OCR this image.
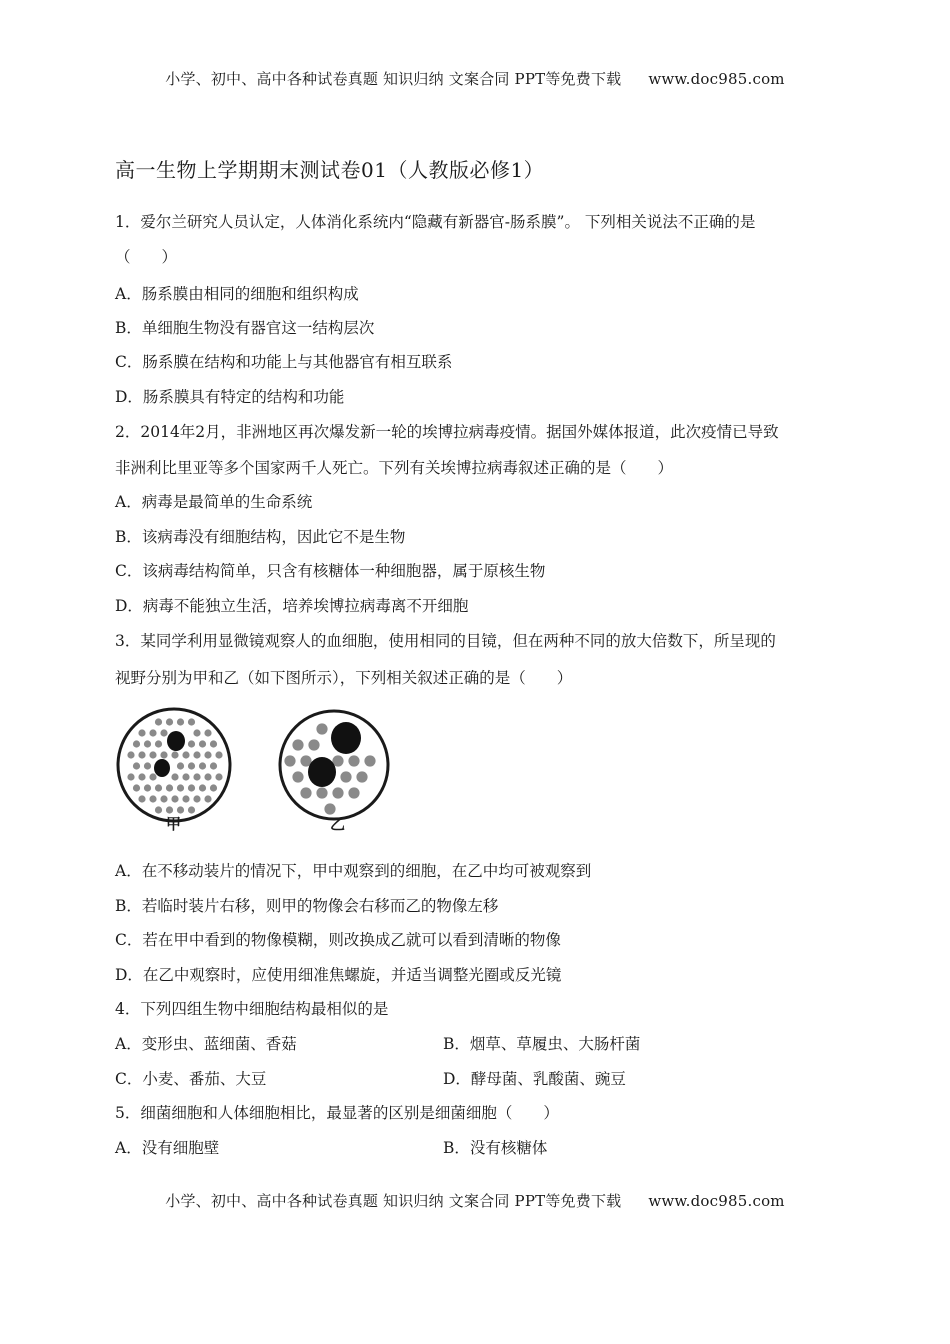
小学、初中、高中各种试卷真题 知识归纳 文案合同 PPT等免费下载 www.doc985.com
高一生物上学期期末测试卷01（人教版必修1）
1．爱尔兰研究人员认定，人体消化系统内“隐藏有新器官-肠系膜”。 下列相关说法不正确的是
（　　）
A．肠系膜由相同的细胞和组织构成
B．单细胞生物没有器官这一结构层次
C．肠系膜在结构和功能上与其他器官有相互联系
D．肠系膜具有特定的结构和功能
2．2014年2月，非洲地区再次爆发新一轮的埃博拉病毒疫情。据国外媒体报道，此次疫情已导致
非洲利比里亚等多个国家两千人死亡。下列有关埃博拉病毒叙述正确的是（　　）
A．病毒是最简单的生命系统
B．该病毒没有细胞结构，因此它不是生物
C．该病毒结构简单，只含有核糖体一种细胞器，属于原核生物
D．病毒不能独立生活，培养埃博拉病毒离不开细胞
3．某同学利用显微镜观察人的血细胞，使用相同的目镜，但在两种不同的放大倍数下，所呈现的
视野分别为甲和乙（如下图所示），下列相关叙述正确的是（　　）
甲	乙
A．在不移动装片的情况下，甲中观察到的细胞，在乙中均可被观察到
B．若临时装片右移，则甲的物像会右移而乙的物像左移
C．若在甲中看到的物像模糊，则改换成乙就可以看到清晰的物像
D．在乙中观察时，应使用细准焦螺旋，并适当调整光圈或反光镜
4．下列四组生物中细胞结构最相似的是
A．变形虫、蓝细菌、香菇	B．烟草、草履虫、大肠杆菌
C．小麦、番茄、大豆	D．酵母菌、乳酸菌、豌豆
5．细菌细胞和人体细胞相比，最显著的区别是细菌细胞（　　）
A．没有细胞壁	B．没有核糖体
小学、初中、高中各种试卷真题 知识归纳 文案合同 PPT等免费下载 www.doc985.com
